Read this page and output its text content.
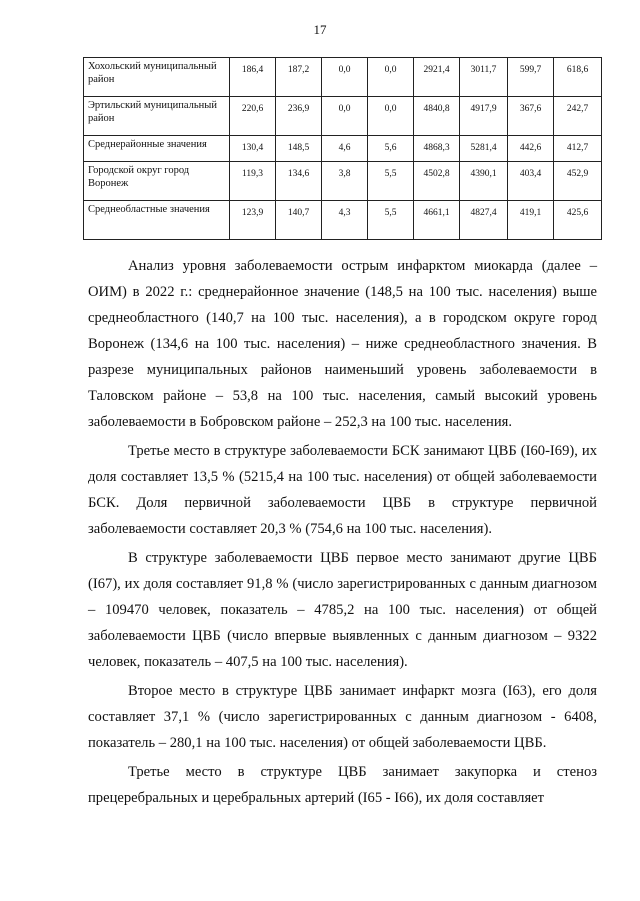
17
Хохольский муниципальный район	186,4	187,2	0,0	0,0	2921,4	3011,7	599,7	618,6
Эртильский муниципальный район	220,6	236,9	0,0	0,0	4840,8	4917,9	367,6	242,7
Среднерайонные значения	130,4	148,5	4,6	5,6	4868,3	5281,4	442,6	412,7
Городской округ город Воронеж	119,3	134,6	3,8	5,5	4502,8	4390,1	403,4	452,9
Среднеобластные значения	123,9	140,7	4,3	5,5	4661,1	4827,4	419,1	425,6

Анализ уровня заболеваемости острым инфарктом миокарда (далее – ОИМ) в 2022 г.: среднерайонное значение (148,5 на 100 тыс. населения) выше среднеобластного (140,7 на 100 тыс. населения), а в городском округе город Воронеж (134,6 на 100 тыс. населения) – ниже среднеобластного значения. В разрезе муниципальных районов наименьший уровень заболеваемости в Таловском районе – 53,8 на 100 тыс. населения, самый высокий уровень заболеваемости в Бобровском районе – 252,3 на 100 тыс. населения.

Третье место в структуре заболеваемости БСК занимают ЦВБ (I60-I69), их доля составляет 13,5 % (5215,4 на 100 тыс. населения) от общей заболеваемости БСК. Доля первичной заболеваемости ЦВБ в структуре первичной заболеваемости составляет 20,3 % (754,6 на 100 тыс. населения).

В структуре заболеваемости ЦВБ первое место занимают другие ЦВБ (I67), их доля составляет 91,8 % (число зарегистрированных с данным диагнозом – 109470 человек, показатель – 4785,2 на 100 тыс. населения) от общей заболеваемости ЦВБ (число впервые выявленных с данным диагнозом – 9322 человек, показатель – 407,5 на 100 тыс. населения).

Второе место в структуре ЦВБ занимает инфаркт мозга (I63), его доля составляет 37,1 % (число зарегистрированных с данным диагнозом - 6408, показатель – 280,1 на 100 тыс. населения) от общей заболеваемости ЦВБ.

Третье место в структуре ЦВБ занимает закупорка и стеноз прецеребральных и церебральных артерий (I65 - I66), их доля составляет
